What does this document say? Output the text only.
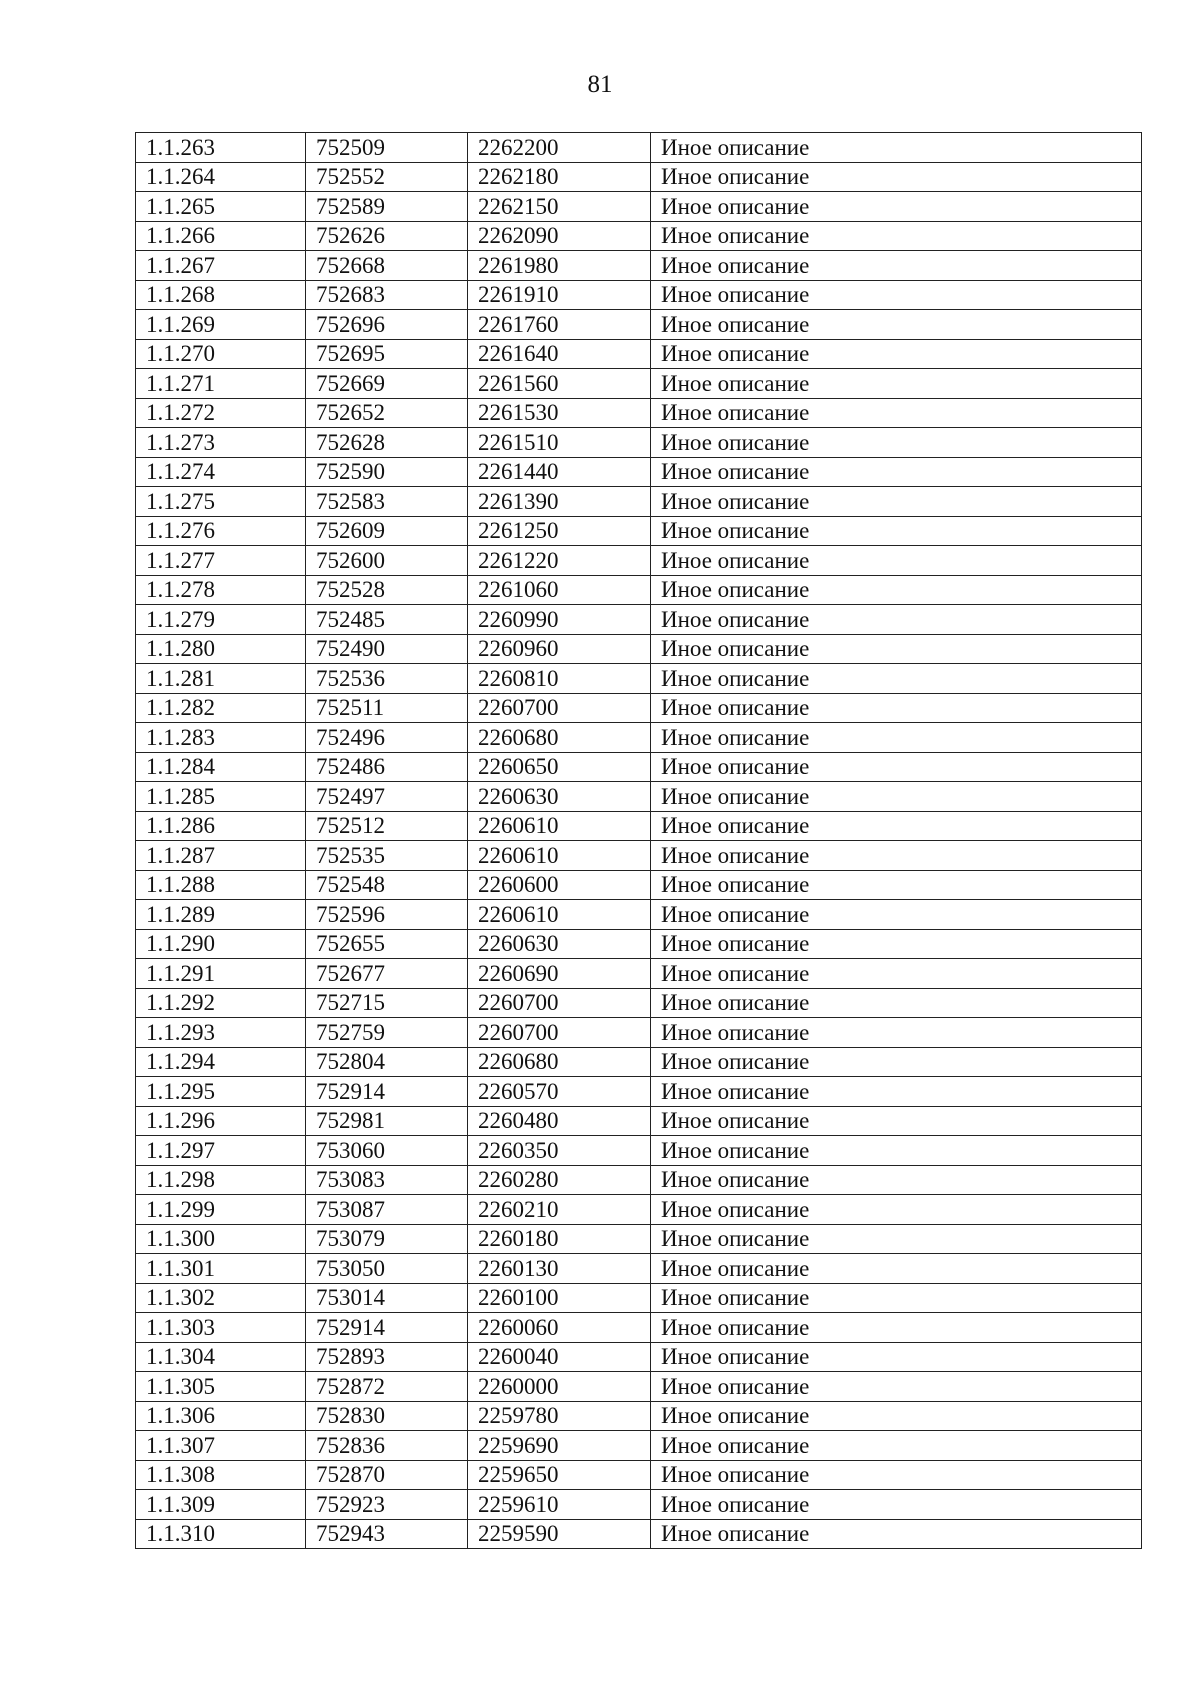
81
1.1.263	752509	2262200	Иное описание
1.1.264	752552	2262180	Иное описание
1.1.265	752589	2262150	Иное описание
1.1.266	752626	2262090	Иное описание
1.1.267	752668	2261980	Иное описание
1.1.268	752683	2261910	Иное описание
1.1.269	752696	2261760	Иное описание
1.1.270	752695	2261640	Иное описание
1.1.271	752669	2261560	Иное описание
1.1.272	752652	2261530	Иное описание
1.1.273	752628	2261510	Иное описание
1.1.274	752590	2261440	Иное описание
1.1.275	752583	2261390	Иное описание
1.1.276	752609	2261250	Иное описание
1.1.277	752600	2261220	Иное описание
1.1.278	752528	2261060	Иное описание
1.1.279	752485	2260990	Иное описание
1.1.280	752490	2260960	Иное описание
1.1.281	752536	2260810	Иное описание
1.1.282	752511	2260700	Иное описание
1.1.283	752496	2260680	Иное описание
1.1.284	752486	2260650	Иное описание
1.1.285	752497	2260630	Иное описание
1.1.286	752512	2260610	Иное описание
1.1.287	752535	2260610	Иное описание
1.1.288	752548	2260600	Иное описание
1.1.289	752596	2260610	Иное описание
1.1.290	752655	2260630	Иное описание
1.1.291	752677	2260690	Иное описание
1.1.292	752715	2260700	Иное описание
1.1.293	752759	2260700	Иное описание
1.1.294	752804	2260680	Иное описание
1.1.295	752914	2260570	Иное описание
1.1.296	752981	2260480	Иное описание
1.1.297	753060	2260350	Иное описание
1.1.298	753083	2260280	Иное описание
1.1.299	753087	2260210	Иное описание
1.1.300	753079	2260180	Иное описание
1.1.301	753050	2260130	Иное описание
1.1.302	753014	2260100	Иное описание
1.1.303	752914	2260060	Иное описание
1.1.304	752893	2260040	Иное описание
1.1.305	752872	2260000	Иное описание
1.1.306	752830	2259780	Иное описание
1.1.307	752836	2259690	Иное описание
1.1.308	752870	2259650	Иное описание
1.1.309	752923	2259610	Иное описание
1.1.310	752943	2259590	Иное описание
